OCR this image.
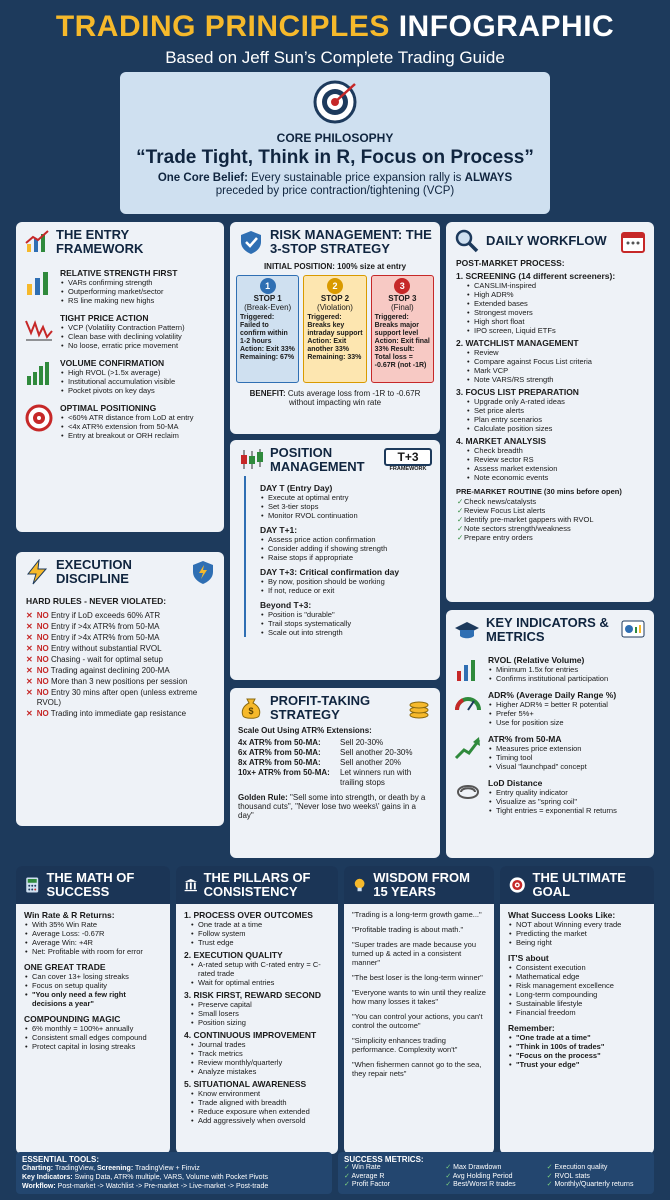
TRADING PRINCIPLES INFOGRAPHIC
Based on Jeff Sun’s Complete Trading Guide
CORE PHILOSOPHY
“Trade Tight, Think in R, Focus on Process”
One Core Belief: Every sustainable price expansion rally is ALWAYS preceded by price contraction/tightening (VCP)
THE ENTRY FRAMEWORK
RELATIVE STRENGTH FIRST
• VARs confirming strength
• Outperforming market/sector
• RS line making new highs
TIGHT PRICE ACTION
• VCP (Volatility Contraction Pattern)
• Clean base with declining volatility
• No loose, erratic price movement
VOLUME CONFIRMATION
• High RVOL (>1.5x average)
• Institutional accumulation visible
• Pocket pivots on key days
OPTIMAL POSITIONING
• <60% ATR distance from LoD at entry
• <4x ATR% extension from 50-MA
• Entry at breakout or ORH reclaim
RISK MANAGEMENT: THE 3-STOP STRATEGY
INITIAL POSITION: 100% size at entry
1
STOP 1
(Break-Even)
Triggered: Failed to confirm within 1-2 hours Action: Exit 33% Remaining: 67%
2
STOP 2
(Violation)
Triggered: Breaks key intraday support Action: Exit another 33% Remaining: 33%
3
STOP 3
(Final)
Triggered: Breaks major support level Action: Exit final 33% Result: Total loss = -0.67R (not -1R)
BENEFIT: Cuts average loss from -1R to -0.67R without impacting win rate
DAILY WORKFLOW
POST-MARKET PROCESS:
1. SCREENING (14 different screeners):
• CANSLIM-inspired
• High ADR%
• Extended bases
• Strongest movers
• High short float
• IPO screen, Liquid ETFs
2. WATCHLIST MANAGEMENT
• Review
• Compare against Focus List criteria
• Mark VCP
• Note VARS/RS strength
3. FOCUS LIST PREPARATION
• Upgrade only A-rated ideas
• Set price alerts
• Plan entry scenarios
• Calculate position sizes
4. MARKET ANALYSIS
• Check breadth
• Review sector RS
• Assess market extension
• Note economic events
PRE-MARKET ROUTINE (30 mins before open)
✓ Check news/catalysts
✓ Review Focus List alerts
✓ Identify pre-market gappers with RVOL
✓ Note sectors strength/weakness
✓ Prepare entry orders
POSITION MANAGEMENT
T+3
FRAMEWORK
DAY T (Entry Day)
• Execute at optimal entry
• Set 3-tier stops
• Monitor RVOL continuation
DAY T+1:
• Assess price action confirmation
• Consider adding if showing strength
• Raise stops if appropriate
DAY T+3: Critical confirmation day
• By now, position should be working
• If not, reduce or exit
Beyond T+3:
• Position is "durable"
• Trail stops systematically
• Scale out into strength
EXECUTION DISCIPLINE
HARD RULES - NEVER VIOLATED:
✕ NO Entry if LoD exceeds 60% ATR
✕ NO Entry if >4x ATR% from 50-MA
✕ NO Entry if >4x ATR% from 50-MA
✕ NO Entry without substantial RVOL
✕ NO Chasing - wait for optimal setup
✕ NO Trading against declining 200-MA
✕ NO More than 3 new positions per session
✕ NO Entry 30 mins after open (unless extreme RVOL)
✕ NO Trading into immediate gap resistance	$
PROFIT-TAKING STRATEGY
Scale Out Using ATR% Extensions:
4x ATR% from 50-MA:	Sell 20-30%
6x ATR% from 50-MA:	Sell another 20-30%
8x ATR% from 50-MA:	Sell another 20%
10x+ ATR% from 50-MA:	Let winners run with trailing stops
Golden Rule: "Sell some into strength, or death by a thousand cuts", "Never lose two weeks\' gains in a day"
KEY INDICATORS & METRICS
RVOL (Relative Volume)
• Minimum 1.5x for entries
• Confirms institutional participation
ADR% (Average Daily Range %)
• Higher ADR% = better R potential
• Prefer 5%+
• Use for position size
ATR% from 50-MA
• Measures price extension
• Timing tool
• Visual "launchpad" concept
LoD Distance
• Entry quality indicator
• Visualize as "spring coil"
• Tight entries = exponential R returns
THE MATH OF SUCCESS
Win Rate & R Returns:
• With 35% Win Rate
• Average Loss: -0.67R
• Average Win: +4R
• Net: Profitable with room for error
ONE GREAT TRADE
• Can cover 13+ losing streaks
• Focus on setup quality
• "You only need a few right decisions a year"
COMPOUNDING MAGIC
• 6% monthly = 100%+ annually
• Consistent small edges compound
• Protect capital in losing streaks
THE PILLARS OF CONSISTENCY
1. PROCESS OVER OUTCOMES
• One trade at a time
• Follow system
• Trust edge
2. EXECUTION QUALITY
• A-rated setup with C-rated entry = C-rated trade
• Wait for optimal entries
3. RISK FIRST, REWARD SECOND
• Preserve capital
• Small losers
• Position sizing
4. CONTINUOUS IMPROVEMENT
• Journal trades
• Track metrics
• Review monthly/quarterly
• Analyze mistakes
5. SITUATIONAL AWARENESS
• Know environment
• Trade aligned with breadth
• Reduce exposure when extended
• Add aggressively when oversold
WISDOM FROM 15 YEARS
"Trading is a long-term growth game..."
"Profitable trading is about math."
"Super trades are made because you turned up & acted in a consistent manner"
"The best loser is the long-term winner"
"Everyone wants to win until they realize how many losses it takes"
"You can control your actions, you can't control the outcome"
"Simplicity enhances trading performance. Complexity won't"
"When fishermen cannot go to the sea, they repair nets"
THE ULTIMATE GOAL
What Success Looks Like:
• NOT about Winning every trade
• Predicting the market
• Being right
IT'S about
• Consistent execution
• Mathematical edge
• Risk management excellence
• Long-term compounding
• Sustainable lifestyle
• Financial freedom
Remember:
• "One trade at a time"
• "Think in 100s of trades"
• "Focus on the process"
• "Trust your edge"
ESSENTIAL TOOLS:
Charting: TradingView, Screening: TradingView + Finviz
Key Indicators: Swing Data, ATR% multiple, VARS, Volume with Pocket Pivots
Workflow: Post-market -> Watchlist -> Pre-market -> Live-market -> Post-trade
SUCCESS METRICS:
✓ Win Rate	✓ Max Drawdown	✓ Execution quality
✓ Average R	✓ Avg Holding Period	✓ RVOL stats
✓ Profit Factor	✓ Best/Worst R trades	✓ Monthly/Quarterly returns
